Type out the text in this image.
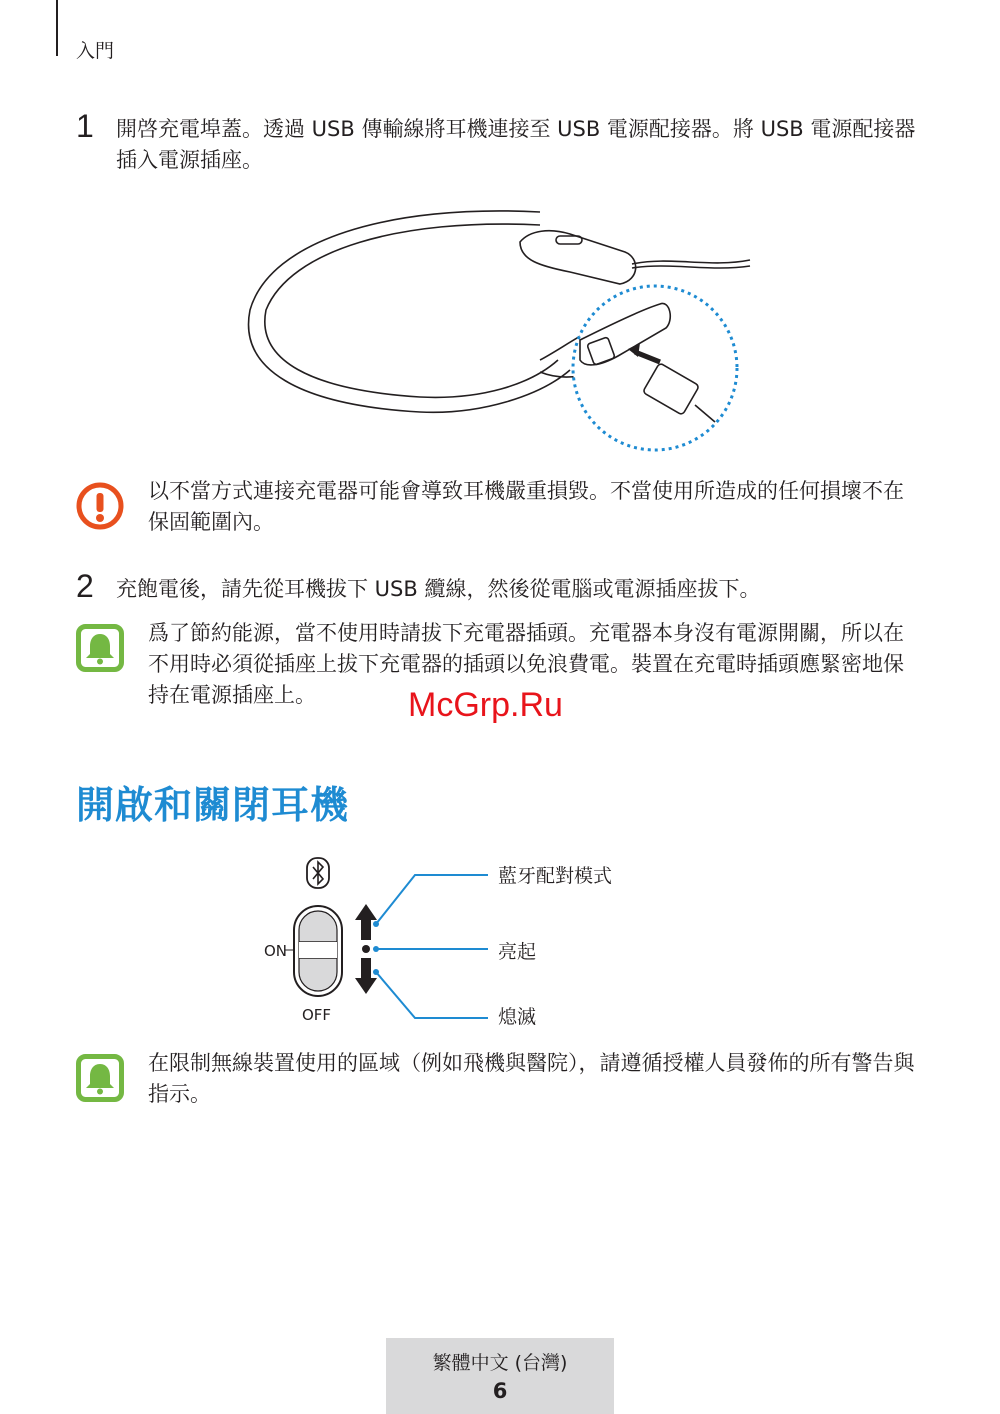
入門
1 開啓充電埠蓋。透過 USB 傳輸線將耳機連接至 USB 電源配接器。將 USB 電源配接器插入電源插座。
以不當方式連接充電器可能會導致耳機嚴重損毀。不當使用所造成的任何損壞不在保固範圍內。
2 充飽電後，請先從耳機拔下 USB 纜線，然後從電腦或電源插座拔下。
爲了節約能源，當不使用時請拔下充電器插頭。充電器本身沒有電源開關，所以在不用時必須從插座上拔下充電器的插頭以免浪費電。裝置在充電時插頭應緊密地保持在電源插座上。	McGrp.Ru
開啟和關閉耳機
ON
OFF
藍牙配對模式
亮起
熄滅
在限制無線裝置使用的區域（例如飛機與醫院），請遵循授權人員發佈的所有警告與指示。
繁體中文 (台灣)
6
